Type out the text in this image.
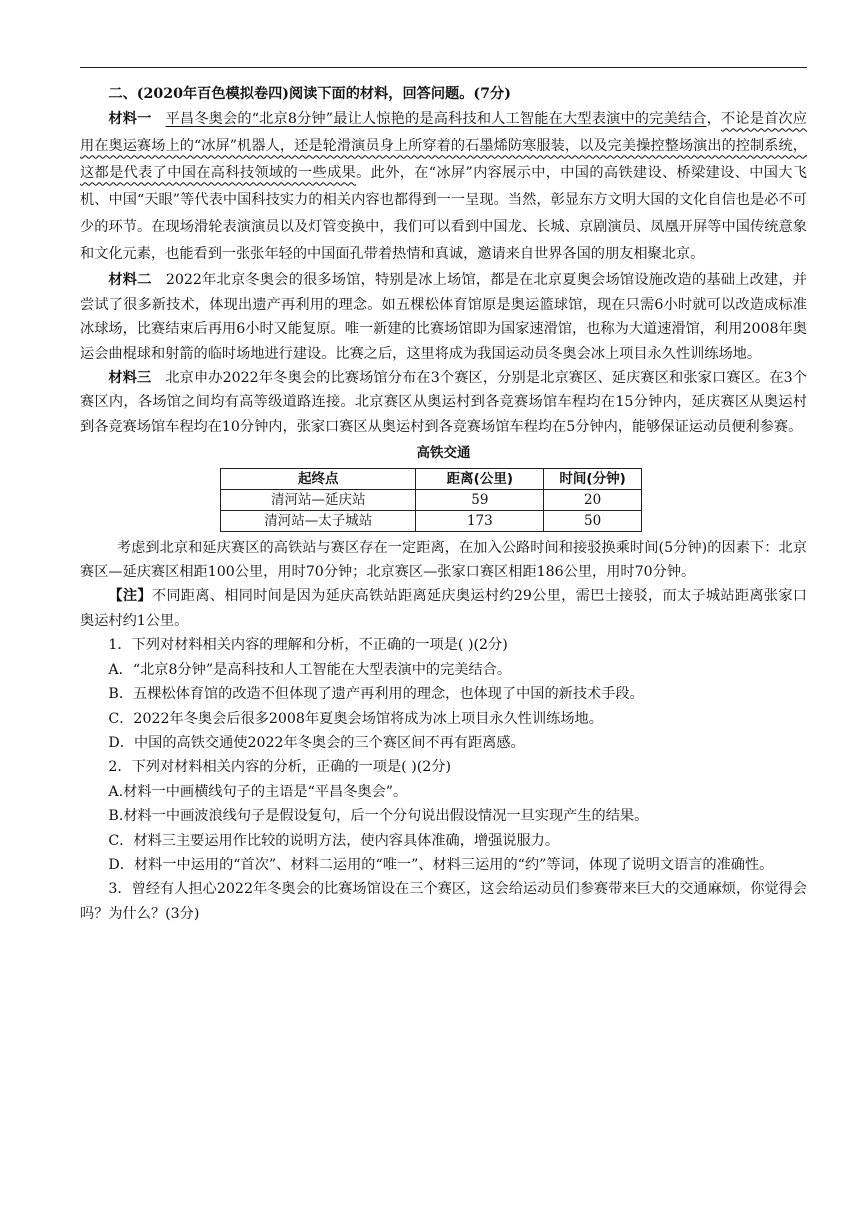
二、(2020年百色模拟卷四)阅读下面的材料，回答问题。(7分)

材料一 平昌冬奥会的“北京8分钟”最让人惊艳的是高科技和人工智能在大型表演中的完美结合，不论是首次应用在奥运赛场上的“冰屏”机器人，还是轮滑演员身上所穿着的石墨烯防寒服装，以及完美操控整场演出的控制系统，这都是代表了中国在高科技领域的一些成果。此外，在“冰屏”内容展示中，中国的高铁建设、桥梁建设、中国大飞机、中国“天眼”等代表中国科技实力的相关内容也都得到一一呈现。当然，彰显东方文明大国的文化自信也是必不可少的环节。在现场滑轮表演演员以及灯管变换中，我们可以看到中国龙、长城、京剧演员、凤凰开屏等中国传统意象和文化元素，也能看到一张张年轻的中国面孔带着热情和真诚，邀请来自世界各国的朋友相聚北京。

材料二 2022年北京冬奥会的很多场馆，特别是冰上场馆，都是在北京夏奥会场馆设施改造的基础上改建，并尝试了很多新技术，体现出遗产再利用的理念。如五棵松体育馆原是奥运篮球馆，现在只需6小时就可以改造成标准冰球场，比赛结束后再用6小时又能复原。唯一新建的比赛场馆即为国家速滑馆，也称为大道速滑馆，利用2008年奥运会曲棍球和射箭的临时场地进行建设。比赛之后，这里将成为我国运动员冬奥会冰上项目永久性训练场地。

材料三 北京申办2022年冬奥会的比赛场馆分布在3个赛区，分别是北京赛区、延庆赛区和张家口赛区。在3个赛区内，各场馆之间均有高等级道路连接。北京赛区从奥运村到各竞赛场馆车程均在15分钟内，延庆赛区从奥运村到各竞赛场馆车程均在10分钟内，张家口赛区从奥运村到各竞赛场馆车程均在5分钟内，能够保证运动员便利参赛。

高铁交通
起终点	距离(公里)	时间(分钟)
清河站—延庆站	59	20
清河站—太子城站	173	50

考虑到北京和延庆赛区的高铁站与赛区存在一定距离，在加入公路时间和接驳换乘时间(5分钟)的因素下：北京赛区—延庆赛区相距100公里，用时70分钟；北京赛区—张家口赛区相距186公里，用时70分钟。

【注】不同距离、相同时间是因为延庆高铁站距离延庆奥运村约29公里，需巴士接驳，而太子城站距离张家口奥运村约1公里。

1．下列对材料相关内容的理解和分析，不正确的一项是( )(2分)

A．“北京8分钟”是高科技和人工智能在大型表演中的完美结合。

B．五棵松体育馆的改造不但体现了遗产再利用的理念，也体现了中国的新技术手段。

C．2022年冬奥会后很多2008年夏奥会场馆将成为冰上项目永久性训练场地。

D．中国的高铁交通使2022年冬奥会的三个赛区间不再有距离感。

2．下列对材料相关内容的分析，正确的一项是( )(2分)

A.材料一中画横线句子的主语是“平昌冬奥会”。

B.材料一中画波浪线句子是假设复句，后一个分句说出假设情况一旦实现产生的结果。

C．材料三主要运用作比较的说明方法，使内容具体准确，增强说服力。

D．材料一中运用的“首次”、材料二运用的“唯一”、材料三运用的“约”等词，体现了说明文语言的准确性。

3．曾经有人担心2022年冬奥会的比赛场馆设在三个赛区，这会给运动员们参赛带来巨大的交通麻烦，你觉得会吗？为什么？(3分)
